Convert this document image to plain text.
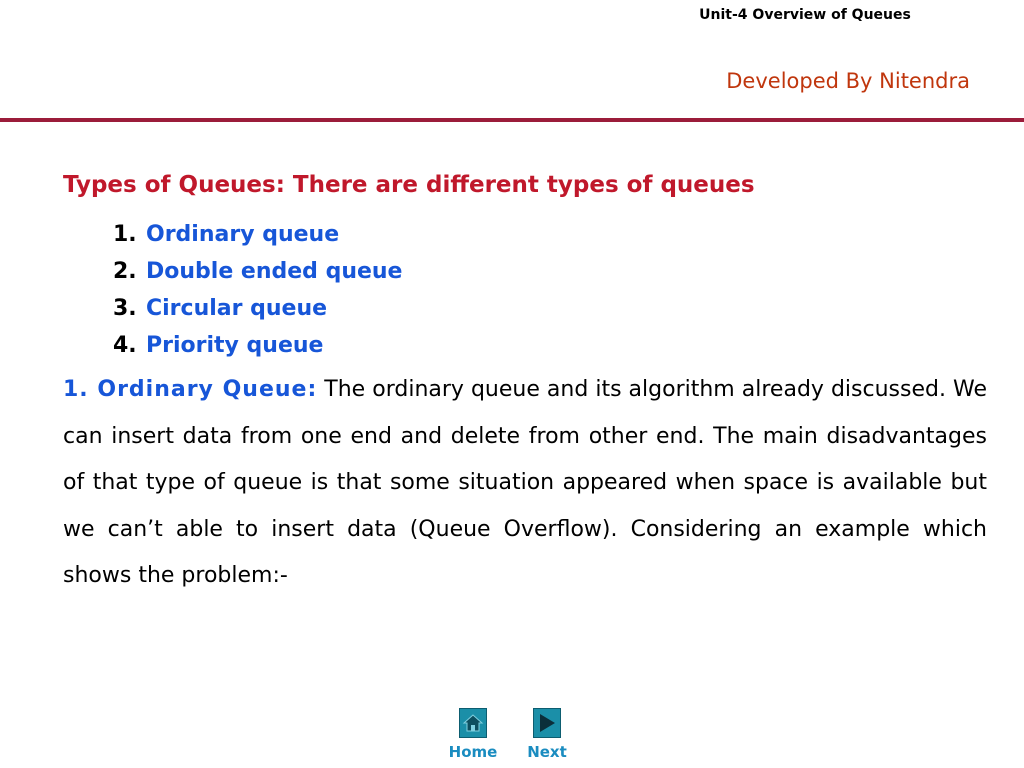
Unit-4 Overview of Queues
Developed By Nitendra
Types of Queues: There are different types of queues
1. Ordinary queue
2. Double ended queue
3. Circular queue
4. Priority queue

1. Ordinary Queue: The ordinary queue and its algorithm already discussed. We can insert data from one end and delete from other end. The main disadvantages of that type of queue is that some situation appeared when space is available but we can’t able to insert data (Queue Overflow). Considering an example which shows the problem:-

Home Next
